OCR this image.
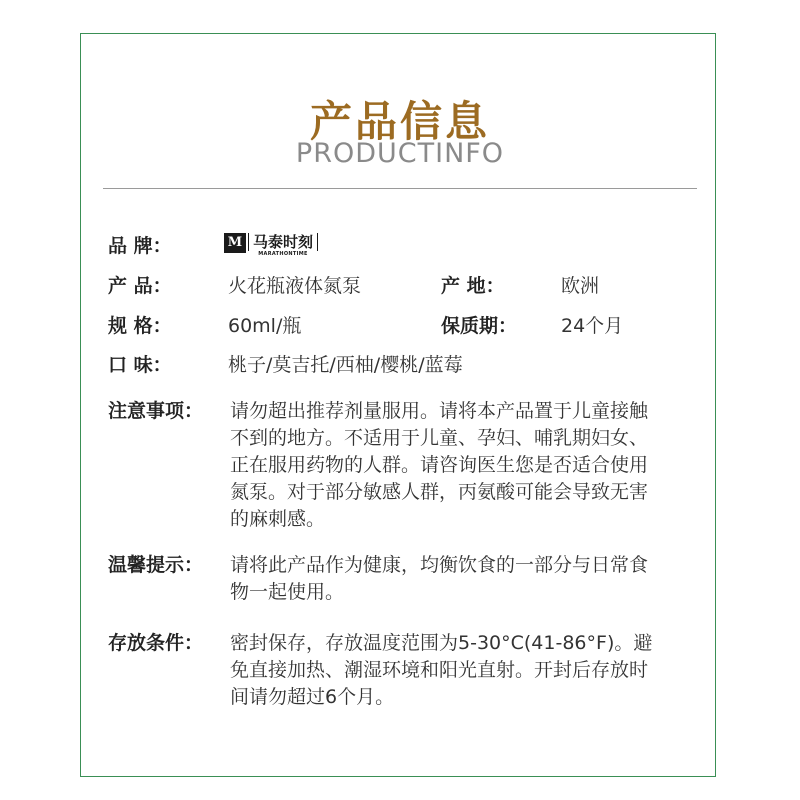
产品信息
PRODUCTINFO
品 牌：	M 马泰时刻
MARATHONTIME
产 品：	火花瓶液体氮泵	产 地：	欧洲
规 格：	60ml/瓶	保质期： 24个月
口 味：	桃子/莫吉托/西柚/樱桃/蓝莓
注意事项： 请勿超出推荐剂量服用。请将本产品置于儿童接触
不到的地方。不适用于儿童、孕妇、哺乳期妇女、
正在服用药物的人群。请咨询医生您是否适合使用
氮泵。对于部分敏感人群，丙氨酸可能会导致无害
的麻刺感。
温馨提示： 请将此产品作为健康，均衡饮食的一部分与日常食
物一起使用。
存放条件： 密封保存，存放温度范围为5-30°C(41-86°F)。避
免直接加热、潮湿环境和阳光直射。开封后存放时
间请勿超过6个月。
